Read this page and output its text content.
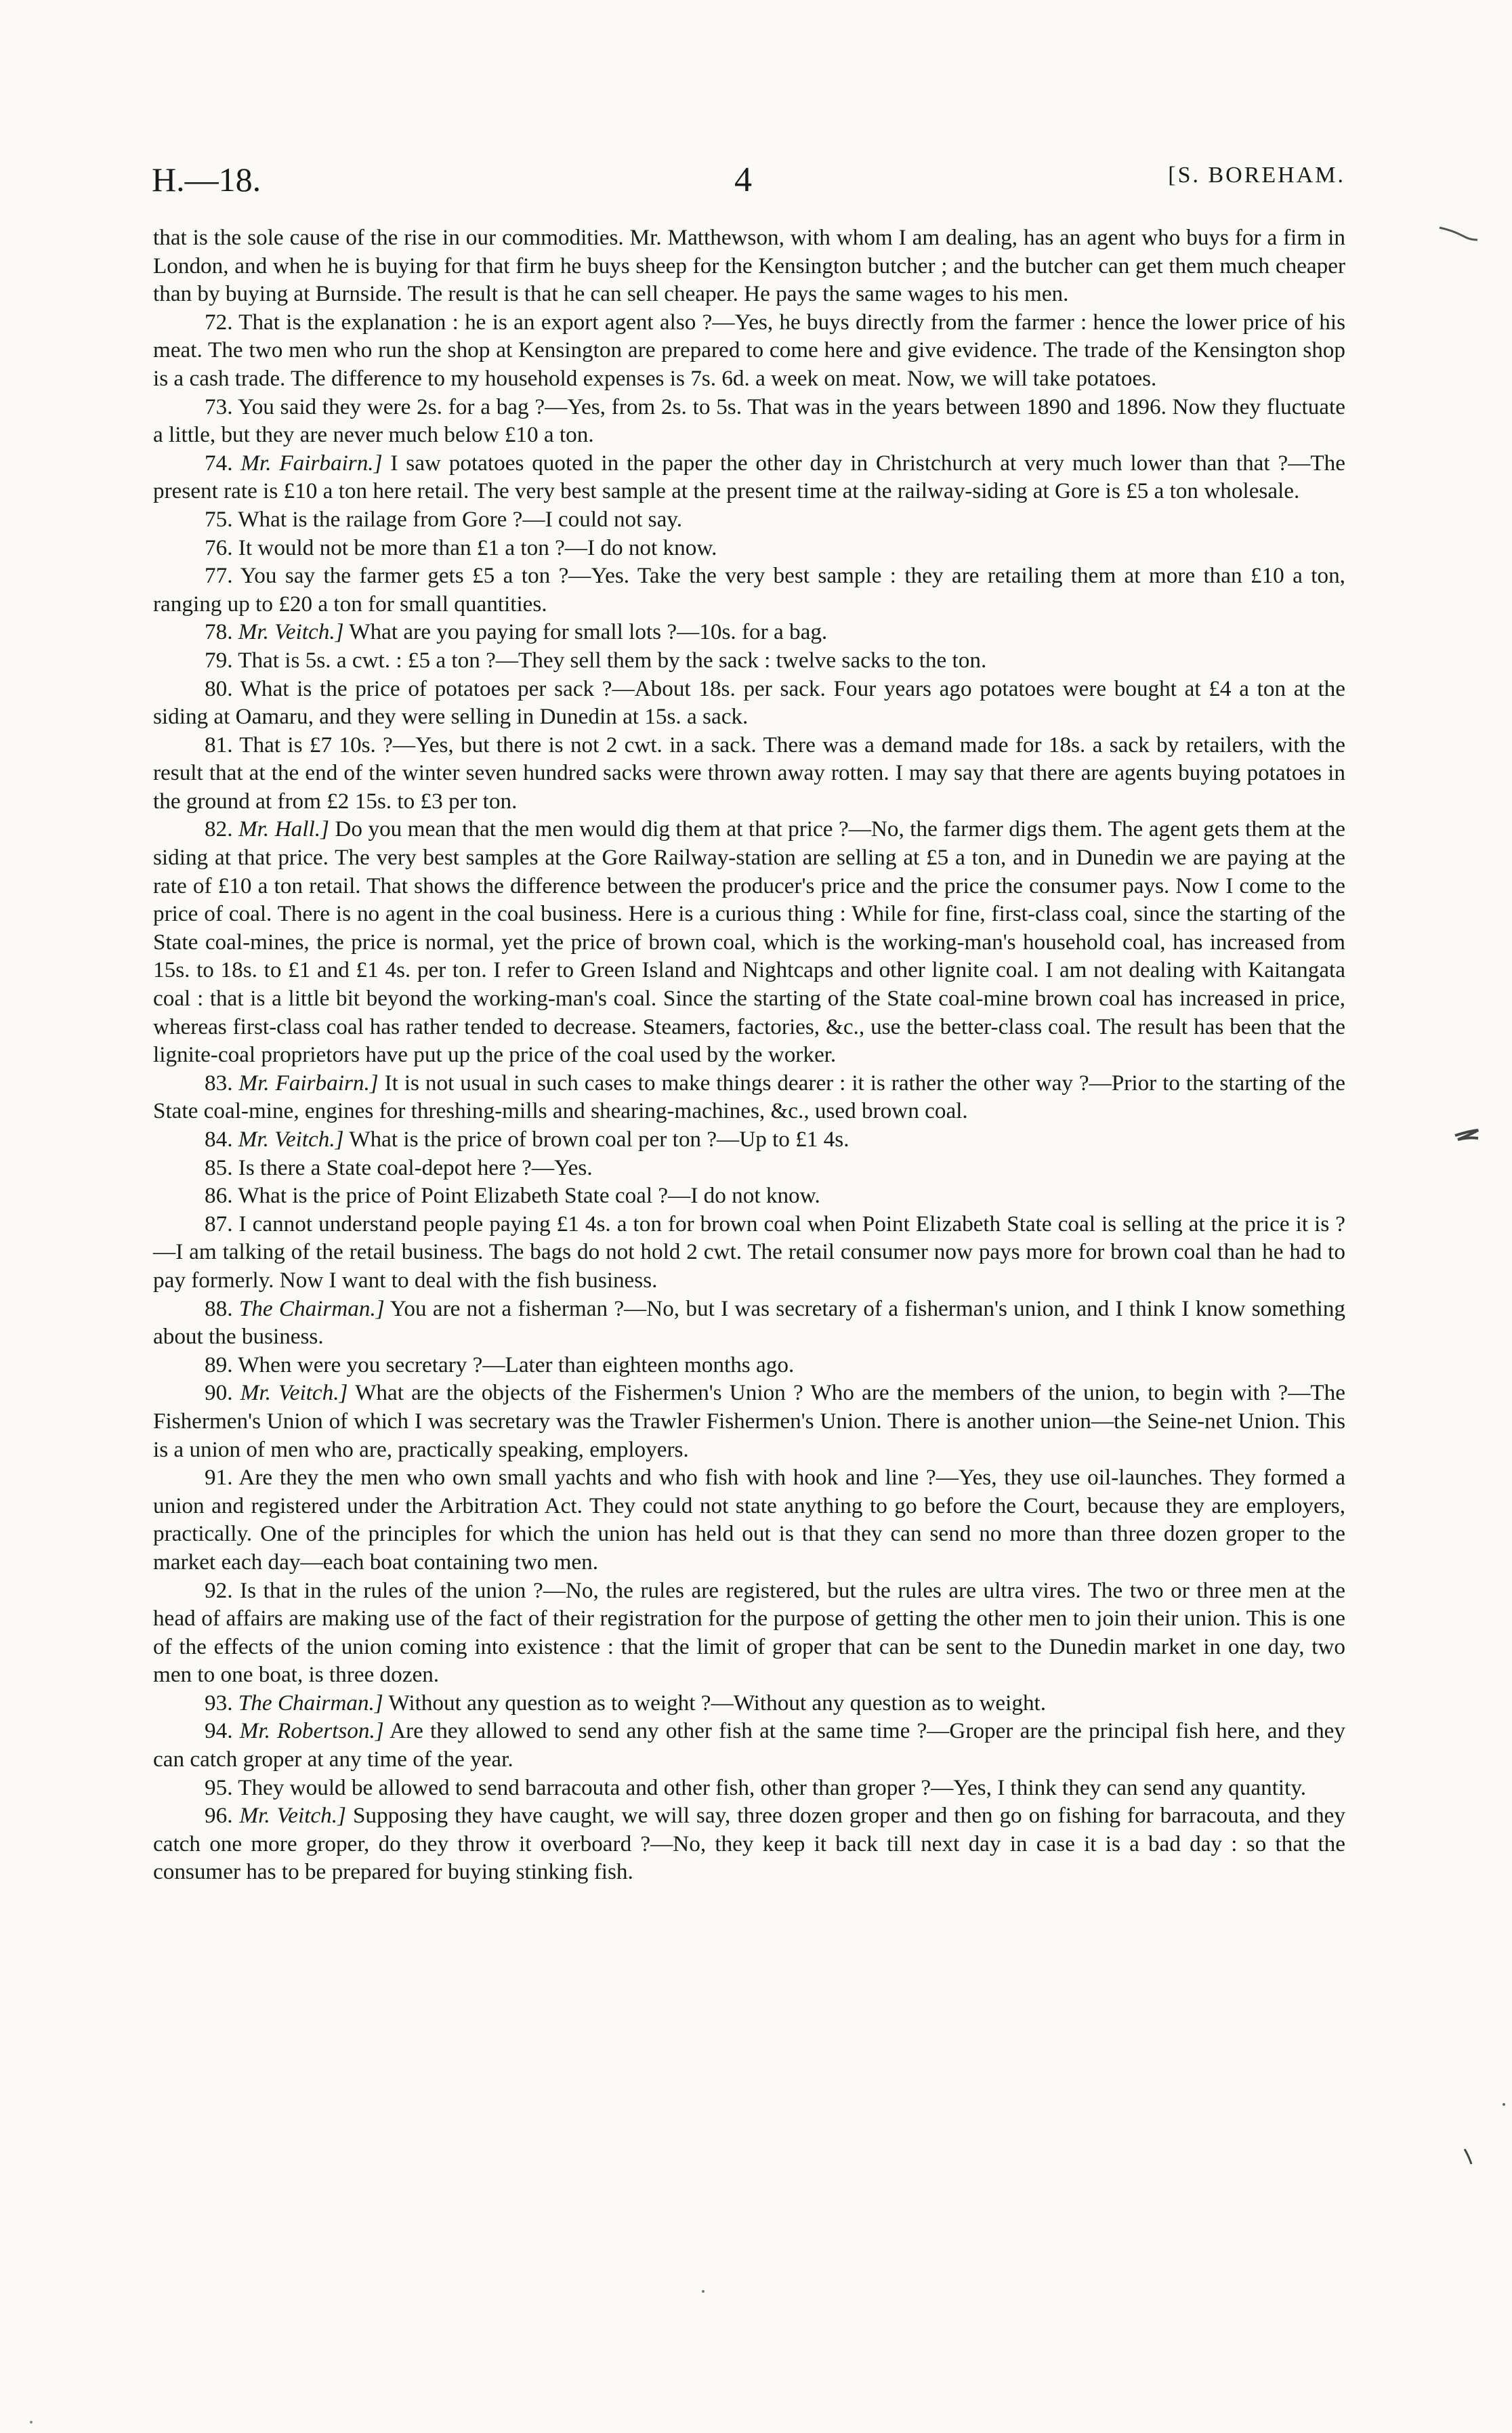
H.—18.	4	[S. BOREHAM.

that is the sole cause of the rise in our commodities. Mr. Matthewson, with whom I am dealing, has an agent who buys for a firm in London, and when he is buying for that firm he buys sheep for the Kensington butcher ; and the butcher can get them much cheaper than by buying at Burnside. The result is that he can sell cheaper. He pays the same wages to his men.

72. That is the explanation : he is an export agent also ?—Yes, he buys directly from the farmer : hence the lower price of his meat. The two men who run the shop at Kensington are prepared to come here and give evidence. The trade of the Kensington shop is a cash trade. The difference to my household expenses is 7s. 6d. a week on meat. Now, we will take potatoes.

73. You said they were 2s. for a bag ?—Yes, from 2s. to 5s. That was in the years between 1890 and 1896. Now they fluctuate a little, but they are never much below £10 a ton.

74. Mr. Fairbairn.] I saw potatoes quoted in the paper the other day in Christchurch at very much lower than that ?—The present rate is £10 a ton here retail. The very best sample at the present time at the railway-siding at Gore is £5 a ton wholesale.

75. What is the railage from Gore ?—I could not say.

76. It would not be more than £1 a ton ?—I do not know.

77. You say the farmer gets £5 a ton ?—Yes. Take the very best sample : they are retailing them at more than £10 a ton, ranging up to £20 a ton for small quantities.

78. Mr. Veitch.] What are you paying for small lots ?—10s. for a bag.

79. That is 5s. a cwt. : £5 a ton ?—They sell them by the sack : twelve sacks to the ton.

80. What is the price of potatoes per sack ?—About 18s. per sack. Four years ago potatoes were bought at £4 a ton at the siding at Oamaru, and they were selling in Dunedin at 15s. a sack.

81. That is £7 10s. ?—Yes, but there is not 2 cwt. in a sack. There was a demand made for 18s. a sack by retailers, with the result that at the end of the winter seven hundred sacks were thrown away rotten. I may say that there are agents buying potatoes in the ground at from £2 15s. to £3 per ton.

82. Mr. Hall.] Do you mean that the men would dig them at that price ?—No, the farmer digs them. The agent gets them at the siding at that price. The very best samples at the Gore Railway-station are selling at £5 a ton, and in Dunedin we are paying at the rate of £10 a ton retail. That shows the difference between the producer's price and the price the consumer pays. Now I come to the price of coal. There is no agent in the coal business. Here is a curious thing : While for fine, first-class coal, since the starting of the State coal-mines, the price is normal, yet the price of brown coal, which is the working-man's household coal, has increased from 15s. to 18s. to £1 and £1 4s. per ton. I refer to Green Island and Nightcaps and other lignite coal. I am not dealing with Kaitangata coal : that is a little bit beyond the working-man's coal. Since the starting of the State coal-mine brown coal has increased in price, whereas first-class coal has rather tended to decrease. Steamers, factories, &c., use the better-class coal. The result has been that the lignite-coal proprietors have put up the price of the coal used by the worker.

83. Mr. Fairbairn.] It is not usual in such cases to make things dearer : it is rather the other way ?—Prior to the starting of the State coal-mine, engines for threshing-mills and shearing-machines, &c., used brown coal.

84. Mr. Veitch.] What is the price of brown coal per ton ?—Up to £1 4s.

85. Is there a State coal-depot here ?—Yes.

86. What is the price of Point Elizabeth State coal ?—I do not know.

87. I cannot understand people paying £1 4s. a ton for brown coal when Point Elizabeth State coal is selling at the price it is ?—I am talking of the retail business. The bags do not hold 2 cwt. The retail consumer now pays more for brown coal than he had to pay formerly. Now I want to deal with the fish business.

88. The Chairman.] You are not a fisherman ?—No, but I was secretary of a fisherman's union, and I think I know something about the business.

89. When were you secretary ?—Later than eighteen months ago.

90. Mr. Veitch.] What are the objects of the Fishermen's Union ? Who are the members of the union, to begin with ?—The Fishermen's Union of which I was secretary was the Trawler Fishermen's Union. There is another union—the Seine-net Union. This is a union of men who are, practically speaking, employers.

91. Are they the men who own small yachts and who fish with hook and line ?—Yes, they use oil-launches. They formed a union and registered under the Arbitration Act. They could not state anything to go before the Court, because they are employers, practically. One of the principles for which the union has held out is that they can send no more than three dozen groper to the market each day—each boat containing two men.

92. Is that in the rules of the union ?—No, the rules are registered, but the rules are ultra vires. The two or three men at the head of affairs are making use of the fact of their registration for the purpose of getting the other men to join their union. This is one of the effects of the union coming into existence : that the limit of groper that can be sent to the Dunedin market in one day, two men to one boat, is three dozen.

93. The Chairman.] Without any question as to weight ?—Without any question as to weight.

94. Mr. Robertson.] Are they allowed to send any other fish at the same time ?—Groper are the principal fish here, and they can catch groper at any time of the year.

95. They would be allowed to send barracouta and other fish, other than groper ?—Yes, I think they can send any quantity.

96. Mr. Veitch.] Supposing they have caught, we will say, three dozen groper and then go on fishing for barracouta, and they catch one more groper, do they throw it overboard ?—No, they keep it back till next day in case it is a bad day : so that the consumer has to be prepared for buying stinking fish.
